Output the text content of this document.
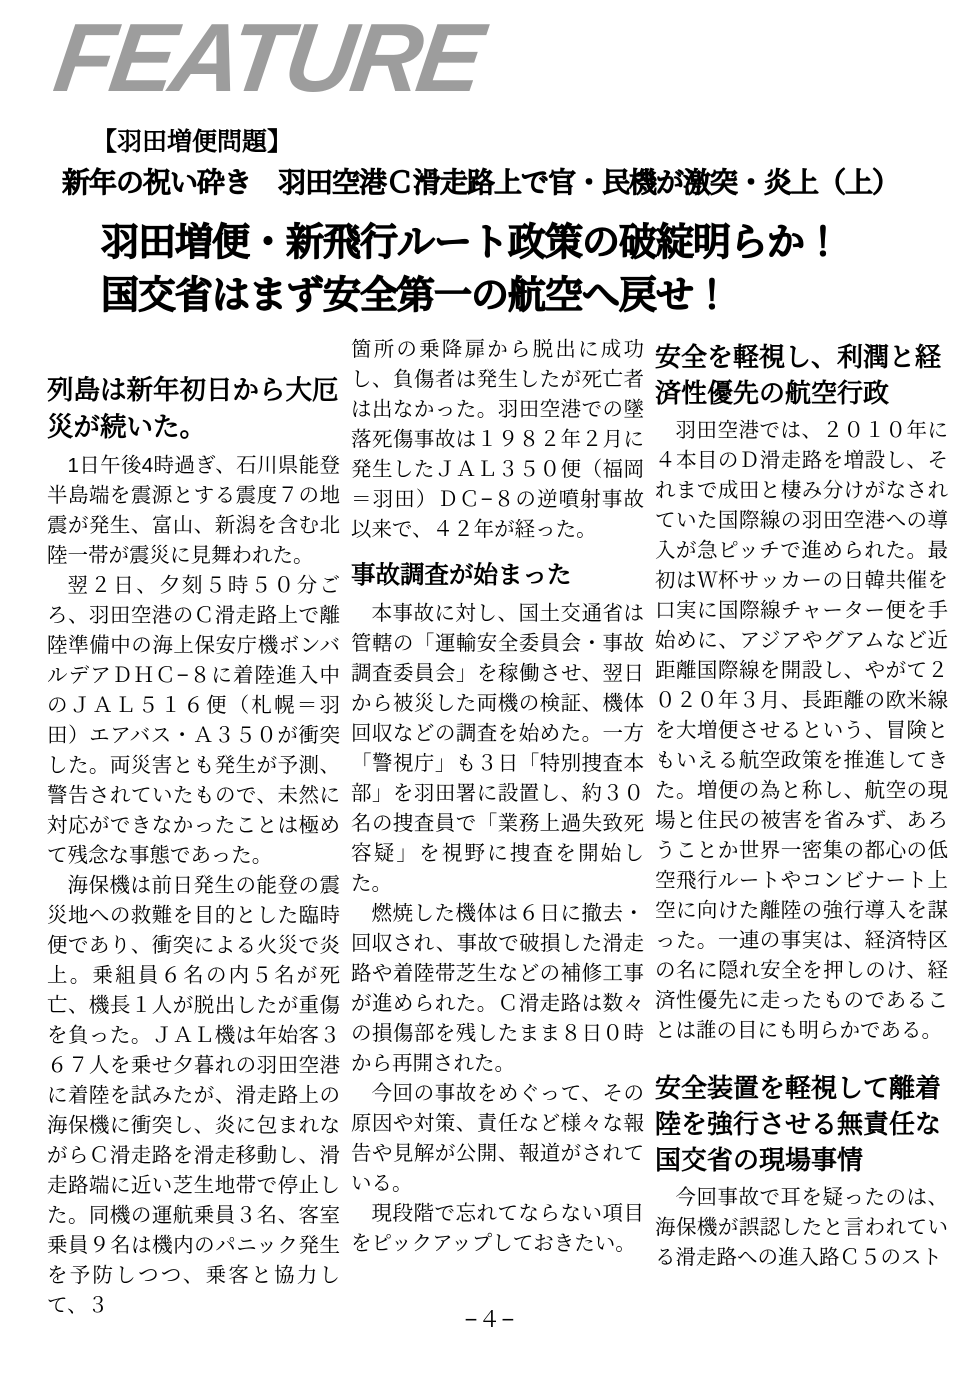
FEATURE
【羽田増便問題】
新年の祝い砕き　羽田空港Ｃ滑走路上で官・民機が激突・炎上（上）
羽田増便・新飛行ルート政策の破綻明らか！
国交省はまず安全第一の航空へ戻せ！
列島は新年初日から大厄災が続いた。

1日午後4時過ぎ、石川県能登半島端を震源とする震度７の地震が発生、富山、新潟を含む北陸一帯が震災に見舞われた。

翌２日、夕刻５時５０分ごろ、羽田空港のＣ滑走路上で離陸準備中の海上保安庁機ボンバルデアＤＨＣ−８に着陸進入中のＪＡＬ５１６便（札幌＝羽田）エアバス・Ａ３５０が衝突した。両災害とも発生が予測、警告されていたもので、未然に対応ができなかったことは極めて残念な事態であった。

海保機は前日発生の能登の震災地への救難を目的とした臨時便であり、衝突による火災で炎上。乗組員６名の内５名が死亡、機長１人が脱出したが重傷を負った。ＪＡＬ機は年始客３６７人を乗せ夕暮れの羽田空港に着陸を試みたが、滑走路上の海保機に衝突し、炎に包まれながらＣ滑走路を滑走移動し、滑走路端に近い芝生地帯で停止した。同機の運航乗員３名、客室乗員９名は機内のパニック発生を予防しつつ、乗客と協力して、３

箇所の乗降扉から脱出に成功し、負傷者は発生したが死亡者は出なかった。羽田空港での墜落死傷事故は１９８２年２月に発生したＪＡＬ３５０便（福岡＝羽田）ＤＣ−８の逆噴射事故以来で、４２年が経った。

事故調査が始まった

本事故に対し、国土交通省は管轄の「運輸安全委員会・事故調査委員会」を稼働させ、翌日から被災した両機の検証、機体回収などの調査を始めた。一方「警視庁」も３日「特別捜査本部」を羽田署に設置し、約３０名の捜査員で「業務上過失致死容疑」を視野に捜査を開始した。

燃焼した機体は６日に撤去・回収され、事故で破損した滑走路や着陸帯芝生などの補修工事が進められた。Ｃ滑走路は数々の損傷部を残したまま８日０時から再開された。

今回の事故をめぐって、その原因や対策、責任など様々な報告や見解が公開、報道がされている。

現段階で忘れてならない項目をピックアップしておきたい。

安全を軽視し、利潤と経済性優先の航空行政

羽田空港では、２０１０年に４本目のＤ滑走路を増設し、それまで成田と棲み分けがなされていた国際線の羽田空港への導入が急ピッチで進められた。最初はＷ杯サッカーの日韓共催を口実に国際線チャーター便を手始めに、アジアやグアムなど近距離国際線を開設し、やがて２０２０年３月、長距離の欧米線を大増便させるという、冒険ともいえる航空政策を推進してきた。増便の為と称し、航空の現場と住民の被害を省みず、あろうことか世界一密集の都心の低空飛行ルートやコンビナート上空に向けた離陸の強行導入を謀った。一連の事実は、経済特区の名に隠れ安全を押しのけ、経済性優先に走ったものであることは誰の目にも明らかである。

安全装置を軽視して離着陸を強行させる無責任な国交省の現場事情

今回事故で耳を疑ったのは、海保機が誤認したと言われている滑走路への進入路Ｃ５のスト

−４−
